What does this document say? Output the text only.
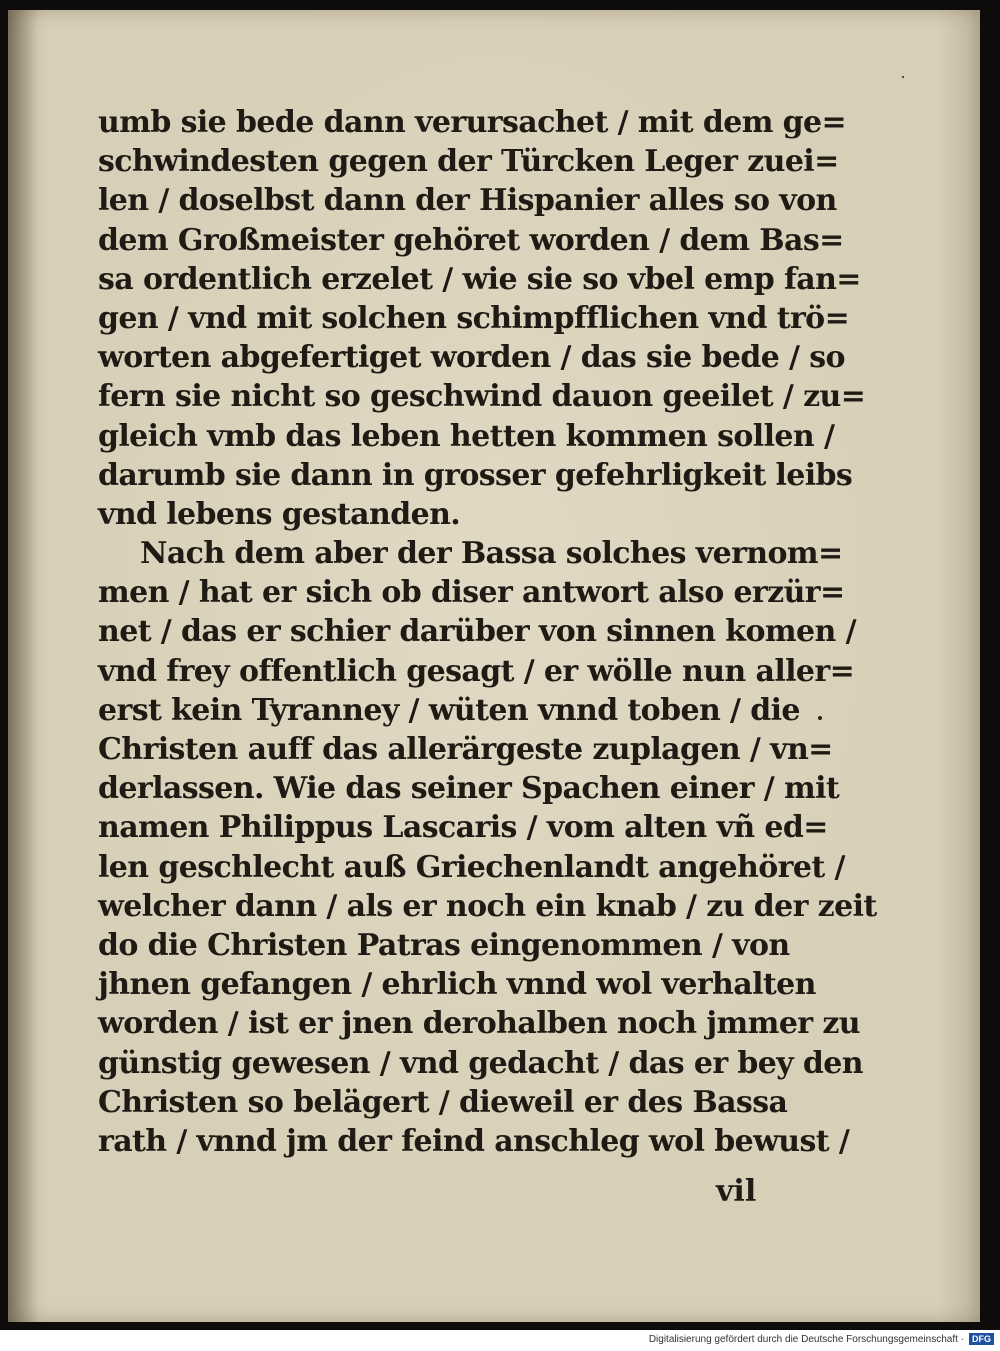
umb sie bede dann verursachet / mit dem ge=
schwindesten gegen der Türcken Leger zuei=
len / doselbst dann der Hispanier alles so von
dem Großmeister gehöret worden / dem Bas=
sa ordentlich erzelet / wie sie so vbel emp fan=
gen / vnd mit solchen schimpfflichen vnd trö=
worten abgefertiget worden / das sie bede / so
fern sie nicht so geschwind dauon geeilet / zu=
gleich vmb das leben hetten kommen sollen /
darumb sie dann in grosser gefehrligkeit leibs
vnd lebens gestanden.
Nach dem aber der Bassa solches vernom=
men / hat er sich ob diser antwort also erzür=
net / das er schier darüber von sinnen komen /
vnd frey offentlich gesagt / er wölle nun aller=
erst kein Tyranney / wüten vnnd toben / die
Christen auff das allerärgeste zuplagen / vn=
derlassen. Wie das seiner Spachen einer / mit
namen Philippus Lascaris / vom alten vñ ed=
len geschlecht auß Griechenlandt angehöret /
welcher dann / als er noch ein knab / zu der zeit
do die Christen Patras eingenommen / von
jhnen gefangen / ehrlich vnnd wol verhalten
worden / ist er jnen derohalben noch jmmer zu
günstig gewesen / vnd gedacht / das er bey den
Christen so belägert / dieweil er des Bassa
rath / vnnd jm der feind anschleg wol bewust /
vil
Digitalisierung gefördert durch die Deutsche Forschungsgemeinschaft · DFG
